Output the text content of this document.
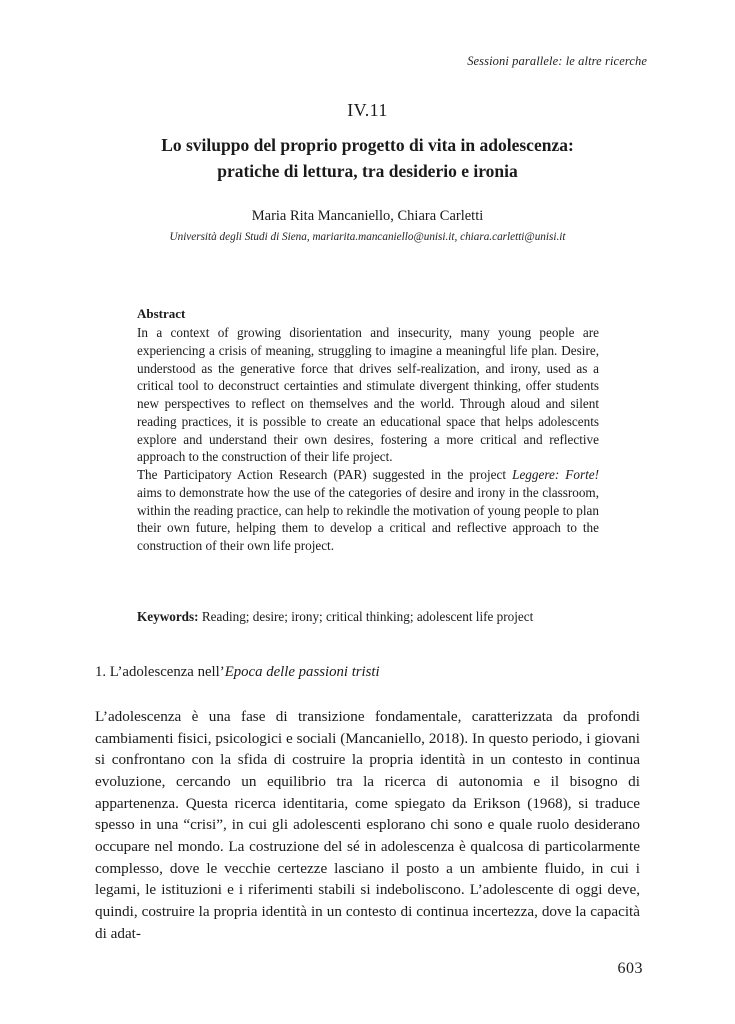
Sessioni parallele: le altre ricerche
IV.11
Lo sviluppo del proprio progetto di vita in adolescenza:
pratiche di lettura, tra desiderio e ironia
Maria Rita Mancaniello, Chiara Carletti
Università degli Studi di Siena, mariarita.mancaniello@unisi.it, chiara.carletti@unisi.it
Abstract

In a context of growing disorientation and insecurity, many young people are experiencing a crisis of meaning, struggling to imagine a meaningful life plan. Desire, understood as the generative force that drives self-realization, and irony, used as a critical tool to deconstruct certainties and stimulate divergent thinking, offer students new perspectives to reflect on themselves and the world. Through aloud and silent reading practices, it is possible to create an educational space that helps adolescents explore and understand their own desires, fostering a more critical and reflective approach to the construction of their life project.

The Participatory Action Research (PAR) suggested in the project Leggere: Forte! aims to demonstrate how the use of the categories of desire and irony in the classroom, within the reading practice, can help to rekindle the motivation of young people to plan their own future, helping them to develop a critical and reflective approach to the construction of their own life project.

Keywords: Reading; desire; irony; critical thinking; adolescent life project
1. L’adolescenza nell’Epoca delle passioni tristi

L’adolescenza è una fase di transizione fondamentale, caratterizzata da profondi cambiamenti fisici, psicologici e sociali (Mancaniello, 2018). In questo periodo, i giovani si confrontano con la sfida di costruire la propria identità in un contesto in continua evoluzione, cercando un equilibrio tra la ricerca di autonomia e il bisogno di appartenenza. Questa ricerca identitaria, come spiegato da Erikson (1968), si traduce spesso in una “crisi”, in cui gli adolescenti esplorano chi sono e quale ruolo desiderano occupare nel mondo. La costruzione del sé in adolescenza è qualcosa di particolarmente complesso, dove le vecchie certezze lasciano il posto a un ambiente fluido, in cui i legami, le istituzioni e i riferimenti stabili si indeboliscono. L’adolescente di oggi deve, quindi, costruire la propria identità in un contesto di continua incertezza, dove la capacità di adat-

603
